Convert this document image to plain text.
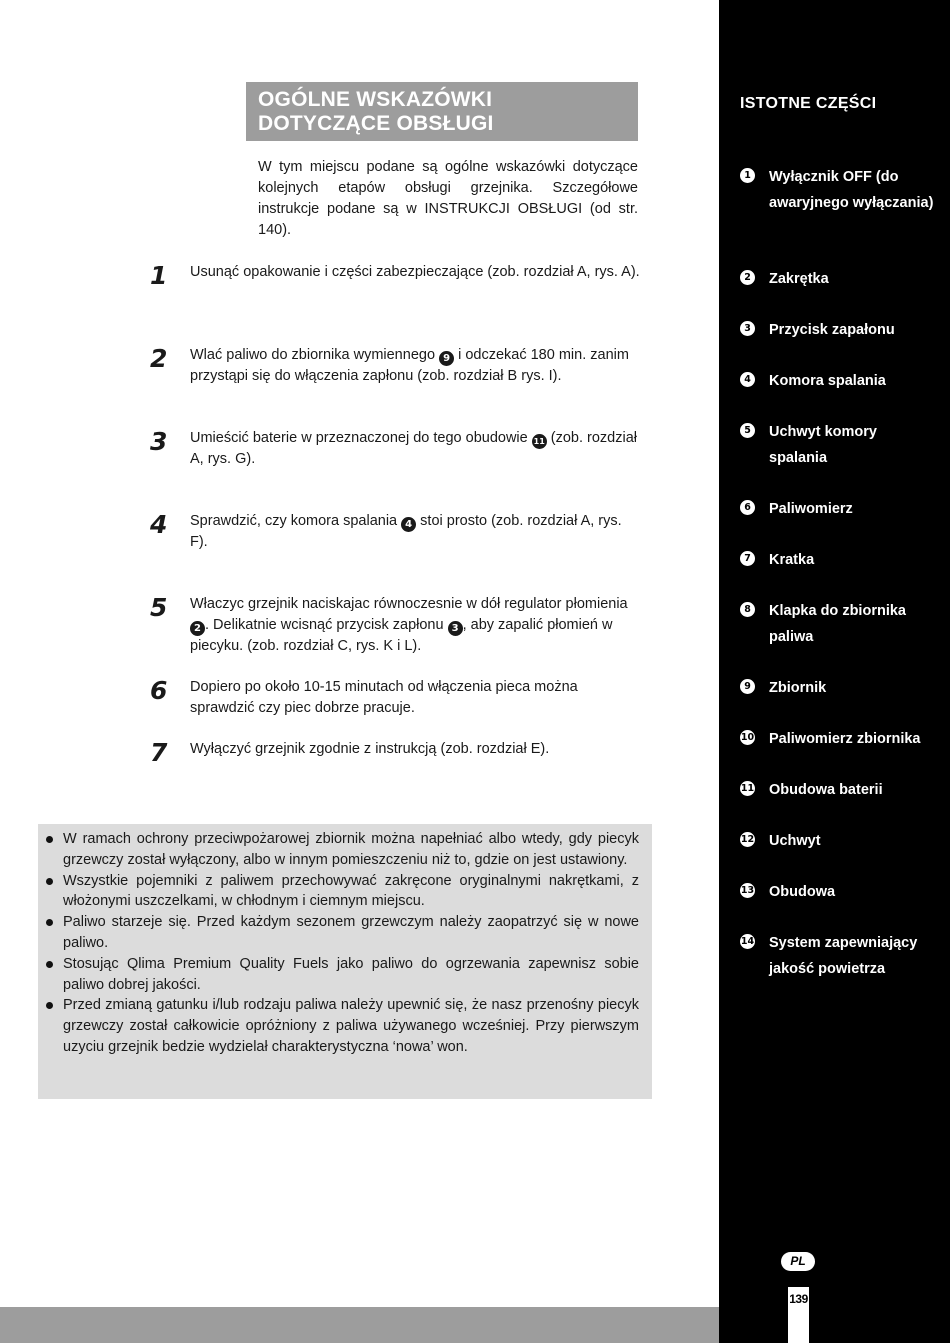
OGÓLNE WSKAZÓWKI
DOTYCZĄCE OBSŁUGI
W tym miejscu podane są ogólne wskazówki dotyczące kolejnych etapów obsługi grzejnika. Szczegółowe instrukcje podane są w INSTRUKCJI OBSŁUGI (od str. 140).
1 Usunąć opakowanie i części zabezpieczające (zob. rozdział A, rys. A).
2 Wlać paliwo do zbiornika wymiennego 9 i odczekać 180 min. zanim przystąpi się do włączenia zapłonu (zob. rozdział B rys. I).
3 Umieścić baterie w przeznaczonej do tego obudowie 11 (zob. rozdział A, rys. G).
4 Sprawdzić, czy komora spalania 4 stoi prosto (zob. rozdział A, rys. F).
5 Właczyc grzejnik naciskajac równoczesnie w dół regulator płomienia 2 . Delikatnie wcisnąć przycisk zapłonu 3 , aby zapalić płomień w piecyku. (zob. rozdział C, rys. K i L).
6 Dopiero po około 10-15 minutach od włączenia pieca można sprawdzić czy piec dobrze pracuje.
7 Wyłączyć grzejnik zgodnie z instrukcją (zob. rozdział E).
W ramach ochrony przeciwpożarowej zbiornik można napełniać albo wtedy, gdy piecyk grzewczy został wyłączony, albo w innym pomieszczeniu niż to, gdzie on jest ustawiony.
Wszystkie pojemniki z paliwem przechowywać zakręcone oryginalnymi nakrętkami, z włożonymi uszczelkami, w chłodnym i ciemnym miejscu.
Paliwo starzeje się. Przed każdym sezonem grzewczym należy zaopatrzyć się w nowe paliwo.
Stosując Qlima Premium Quality Fuels jako paliwo do ogrzewania zapewnisz sobie paliwo dobrej jakości.
Przed zmianą gatunku i/lub rodzaju paliwa należy upewnić się, że nasz przenośny piecyk grzewczy został całkowicie opróżniony z paliwa używanego wcześniej. Przy pierwszym uzyciu grzejnik bedzie wydzielał charakterystyczna ‘nowa’ won.
ISTOTNE CZĘŚCI
1 Wyłącznik OFF (do awaryjnego wyłączania)
2 Zakrętka
3 Przycisk zapałonu
4 Komora spalania
5 Uchwyt komory spalania
6 Paliwomierz
7 Kratka
8 Klapka do zbiornika paliwa
9 Zbiornik
10 Paliwomierz zbiornika
11 Obudowa baterii
12 Uchwyt
13 Obudowa
14 System zapewniający jakość powietrza
PL
139
